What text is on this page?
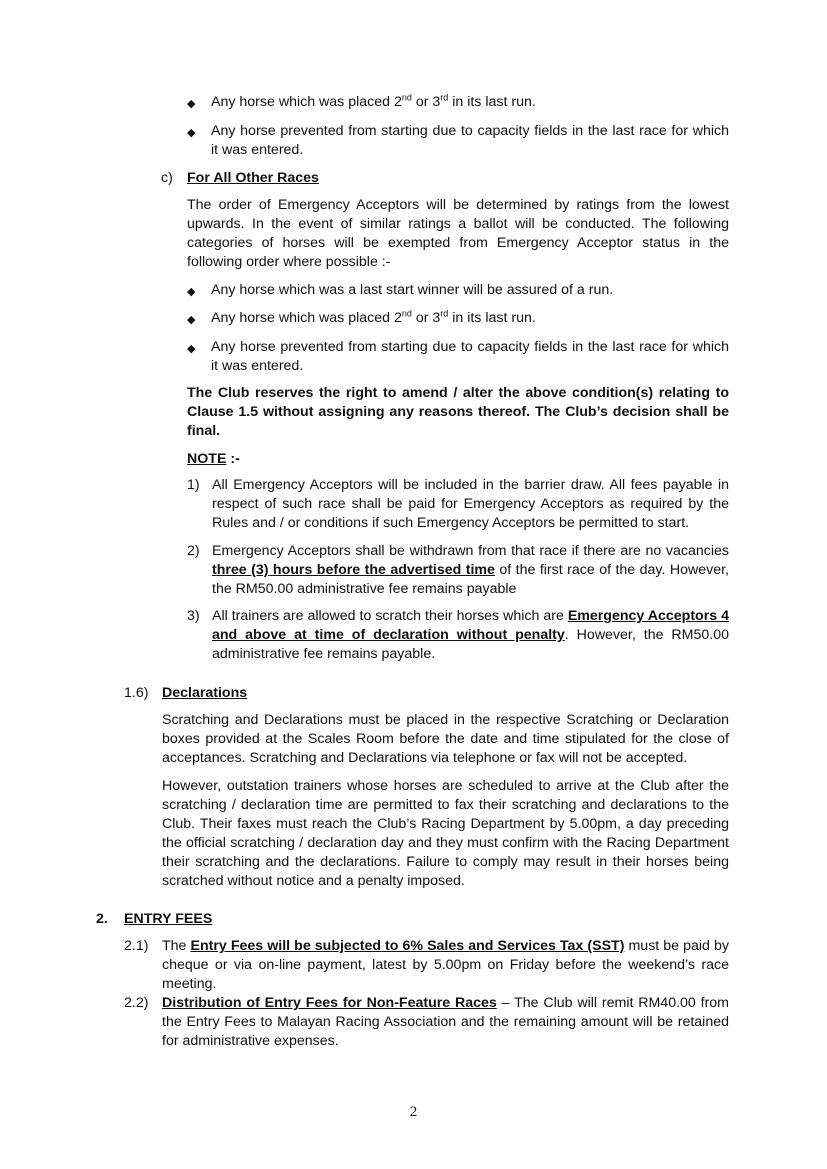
◆ Any horse which was placed 2nd or 3rd in its last run.
◆ Any horse prevented from starting due to capacity fields in the last race for which it was entered.
c) For All Other Races
The order of Emergency Acceptors will be determined by ratings from the lowest upwards. In the event of similar ratings a ballot will be conducted. The following categories of horses will be exempted from Emergency Acceptor status in the following order where possible :-
◆ Any horse which was a last start winner will be assured of a run.
◆ Any horse which was placed 2nd or 3rd in its last run.
◆ Any horse prevented from starting due to capacity fields in the last race for which it was entered.
The Club reserves the right to amend / alter the above condition(s) relating to Clause 1.5 without assigning any reasons thereof. The Club’s decision shall be final.
NOTE :-
1) All Emergency Acceptors will be included in the barrier draw. All fees payable in respect of such race shall be paid for Emergency Acceptors as required by the Rules and / or conditions if such Emergency Acceptors be permitted to start.
2) Emergency Acceptors shall be withdrawn from that race if there are no vacancies three (3) hours before the advertised time of the first race of the day. However, the RM50.00 administrative fee remains payable
3) All trainers are allowed to scratch their horses which are Emergency Acceptors 4 and above at time of declaration without penalty. However, the RM50.00 administrative fee remains payable.
1.6) Declarations
Scratching and Declarations must be placed in the respective Scratching or Declaration boxes provided at the Scales Room before the date and time stipulated for the close of acceptances. Scratching and Declarations via telephone or fax will not be accepted.
However, outstation trainers whose horses are scheduled to arrive at the Club after the scratching / declaration time are permitted to fax their scratching and declarations to the Club. Their faxes must reach the Club’s Racing Department by 5.00pm, a day preceding the official scratching / declaration day and they must confirm with the Racing Department their scratching and the declarations. Failure to comply may result in their horses being scratched without notice and a penalty imposed.
2. ENTRY FEES
2.1) The Entry Fees will be subjected to 6% Sales and Services Tax (SST) must be paid by cheque or via on-line payment, latest by 5.00pm on Friday before the weekend’s race meeting.
2.2) Distribution of Entry Fees for Non-Feature Races – The Club will remit RM40.00 from the Entry Fees to Malayan Racing Association and the remaining amount will be retained for administrative expenses.
2
